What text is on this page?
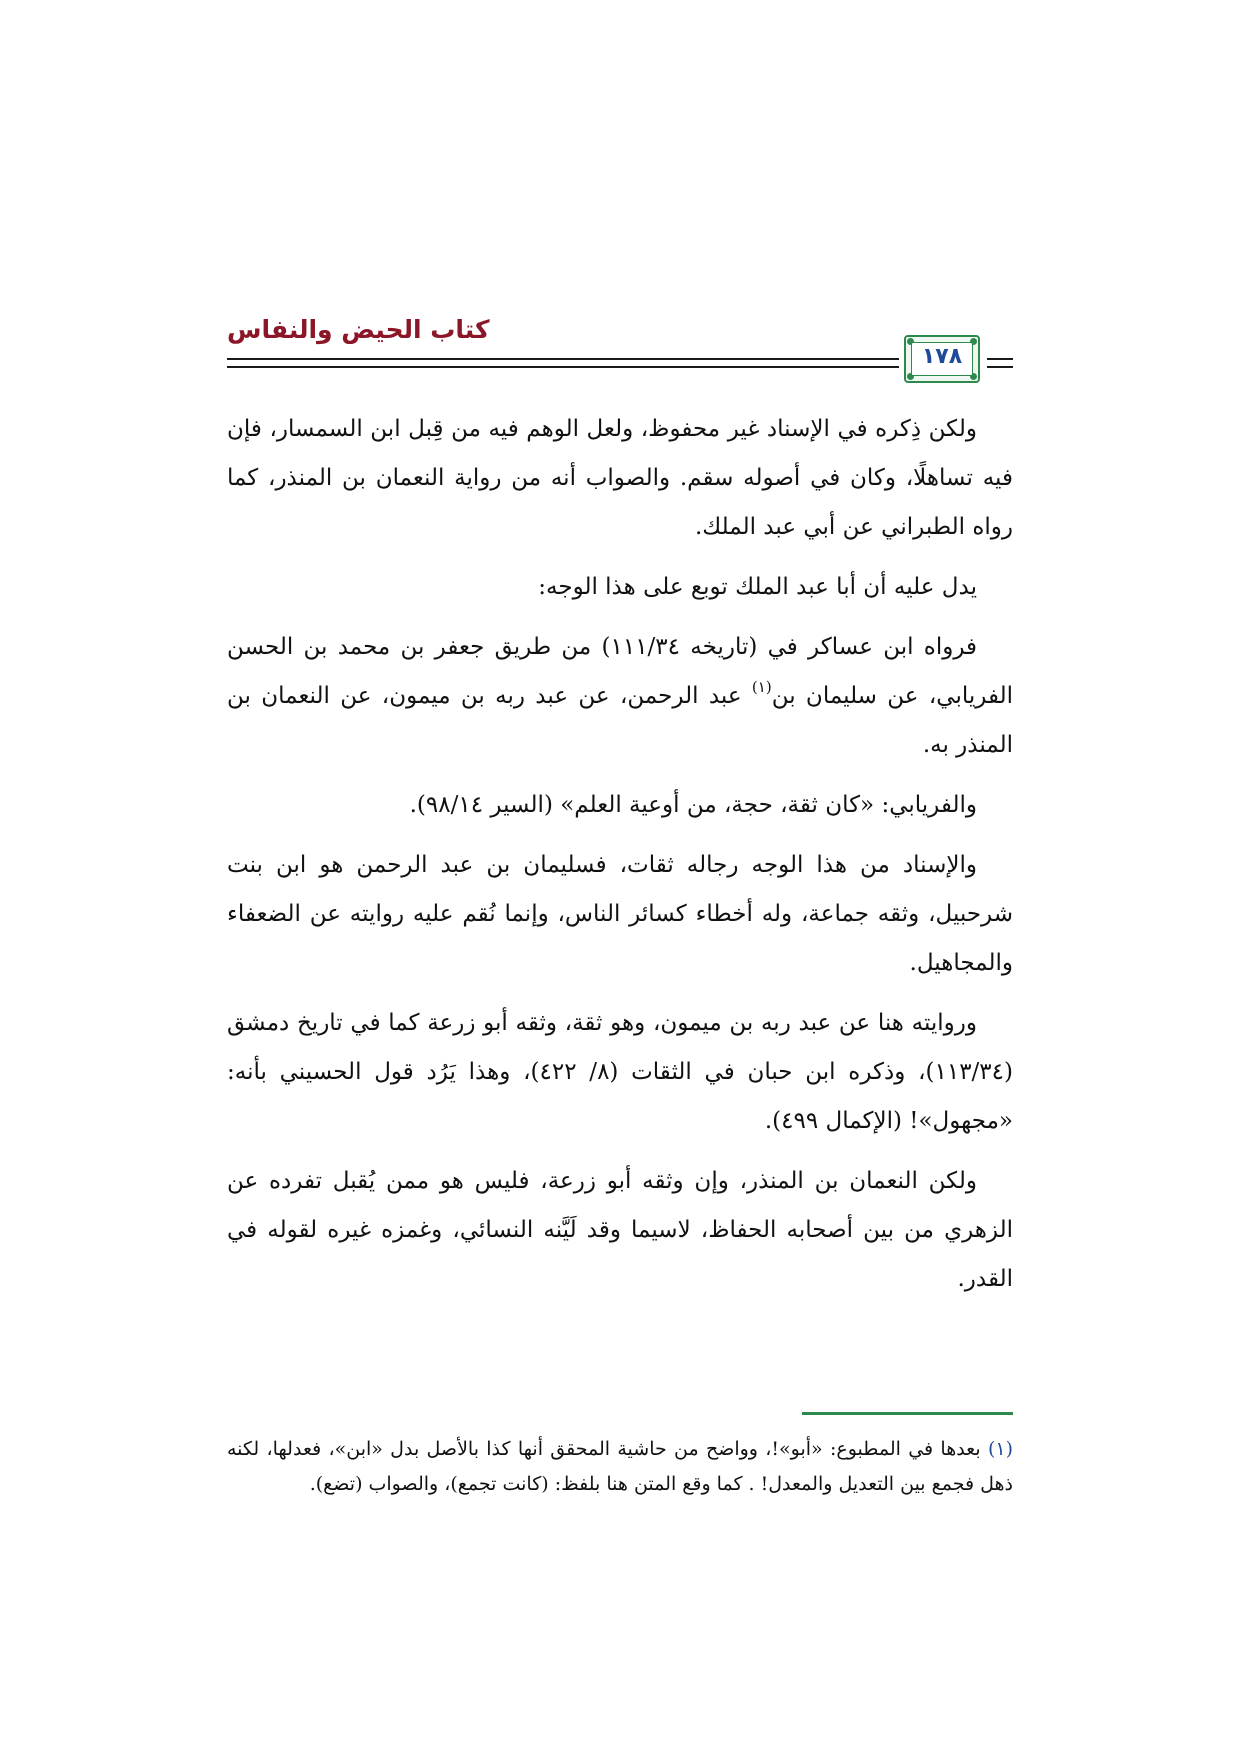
كتاب الحيض والنفاس
١٧٨

ولكن ذِكره في الإسناد غير محفوظ، ولعل الوهم فيه من قِبل ابن السمسار، فإن فيه تساهلًا، وكان في أصوله سقم. والصواب أنه من رواية النعمان بن المنذر، كما رواه الطبراني عن أبي عبد الملك.

يدل عليه أن أبا عبد الملك توبع على هذا الوجه:

فرواه ابن عساكر في (تاريخه ١١١/٣٤) من طريق جعفر بن محمد بن الحسن الفريابي، عن سليمان بن$^{(١)}$ عبد الرحمن، عن عبد ربه بن ميمون، عن النعمان بن المنذر به.

والفريابي: «كان ثقة، حجة، من أوعية العلم» (السير ٩٨/١٤).

والإسناد من هذا الوجه رجاله ثقات، فسليمان بن عبد الرحمن هو ابن بنت شرحبيل، وثقه جماعة، وله أخطاء كسائر الناس، وإنما نُقم عليه روايته عن الضعفاء والمجاهيل.

وروايته هنا عن عبد ربه بن ميمون، وهو ثقة، وثقه أبو زرعة كما في تاريخ دمشق (١١٣/٣٤)، وذكره ابن حبان في الثقات (٨/ ٤٢٢)، وهذا يَرُد قول الحسيني بأنه: «مجهول»! (الإكمال ٤٩٩).

ولكن النعمان بن المنذر، وإن وثقه أبو زرعة، فليس هو ممن يُقبل تفرده عن الزهري من بين أصحابه الحفاظ، لاسيما وقد لَيَّنه النسائي، وغمزه غيره لقوله في القدر.

(١) بعدها في المطبوع: «أبو»!، وواضح من حاشية المحقق أنها كذا بالأصل بدل «ابن»، فعدلها، لكنه ذهل فجمع بين التعديل والمعدل! . كما وقع المتن هنا بلفظ: (كانت تجمع)، والصواب (تضع).
